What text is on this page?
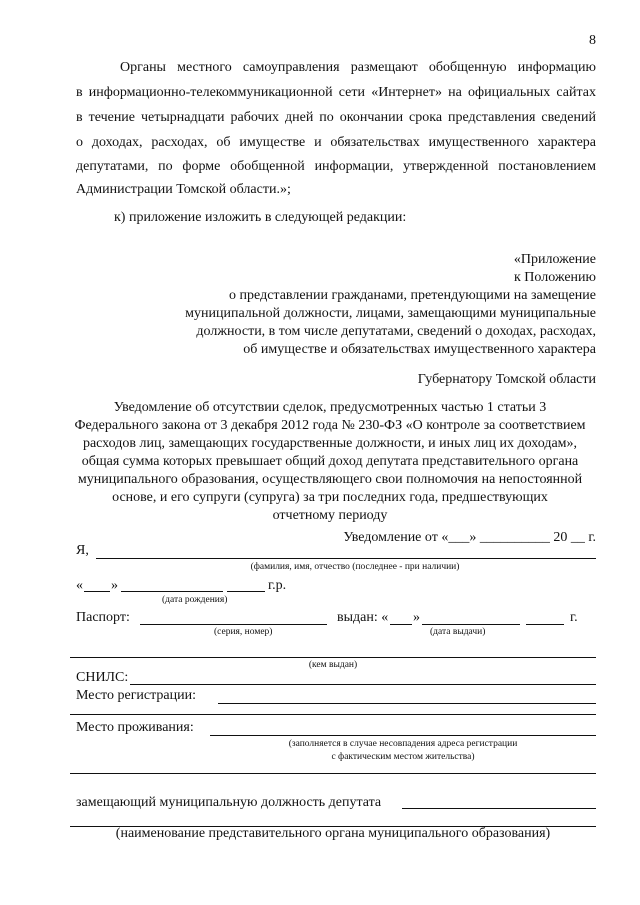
8
Органы местного самоуправления размещают обобщенную информацию
в информационно-телекоммуникационной сети «Интернет» на официальных сайтах
в течение четырнадцати рабочих дней по окончании срока представления сведений
о доходах, расходах, об имуществе и обязательствах имущественного характера
депутатами, по форме обобщенной информации, утвержденной постановлением
Администрации Томской области.»;
к) приложение изложить в следующей редакции:
«Приложение
к Положению
о представлении гражданами, претендующими на замещение
муниципальной должности, лицами, замещающими муниципальные
должности, в том числе депутатами, сведений о доходах, расходах,
об имуществе и обязательствах имущественного характера
Губернатору Томской области
Уведомление об отсутствии сделок, предусмотренных частью 1 статьи 3
Федерального закона от 3 декабря 2012 года № 230-ФЗ «О контроле за соответствием
расходов лиц, замещающих государственные должности, и иных лиц их доходам»,
общая сумма которых превышает общий доход депутата представительного органа
муниципального образования, осуществляющего свои полномочия на непостоянной
основе, и его супруги (супруга) за три последних года, предшествующих
отчетному периоду
Уведомление от «___» __________ 20 __ г.
Я,
(фамилия, имя, отчество (последнее - при наличии)
« »	г.р.
(дата рождения)
Паспорт:	выдан: « »	г.
(серия, номер)	(дата выдачи)
(кем выдан)
СНИЛС:
Место регистрации:
Место проживания:
(заполняется в случае несовпадения адреса регистрации
с фактическим местом жительства)
замещающий муниципальную должность депутата
(наименование представительного органа муниципального образования)
